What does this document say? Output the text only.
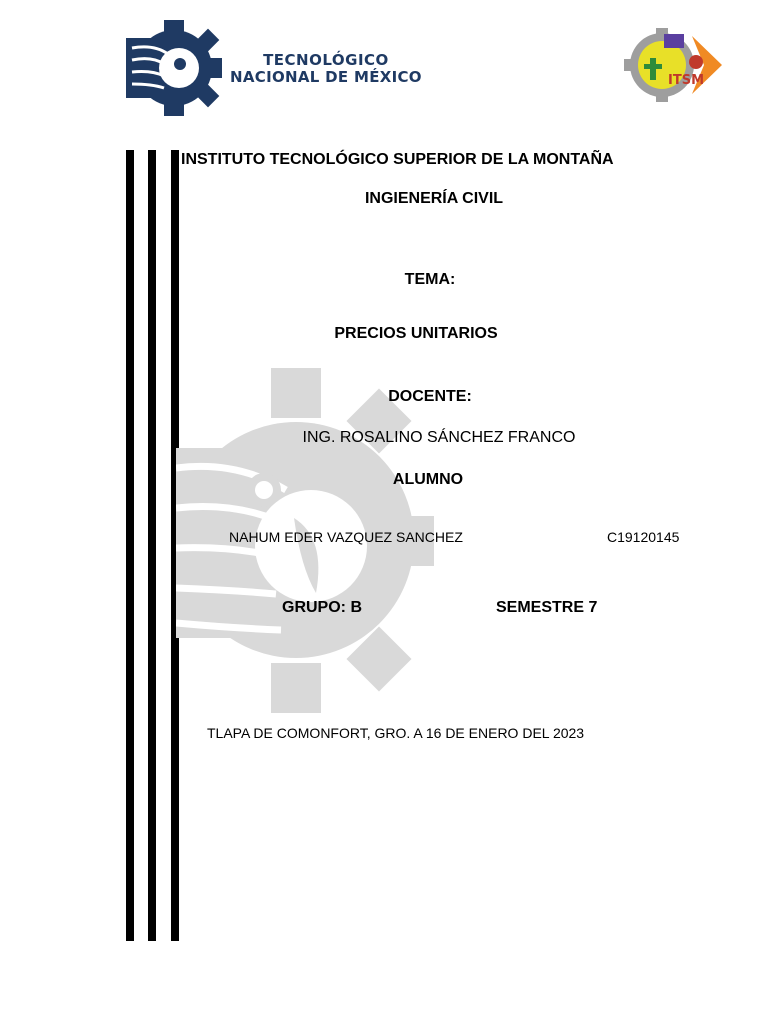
TECNOLÓGICO
NACIONAL DE MÉXICO	ITSM
INSTITUTO TECNOLÓGICO SUPERIOR DE LA MONTAÑA
INGIENERÍA CIVIL
TEMA:
PRECIOS UNITARIOS
DOCENTE:
ING. ROSALINO SÁNCHEZ FRANCO
ALUMNO
NAHUM EDER VAZQUEZ SANCHEZ	C19120145
GRUPO: B	SEMESTRE 7
TLAPA DE COMONFORT, GRO. A 16 DE ENERO DEL 2023
